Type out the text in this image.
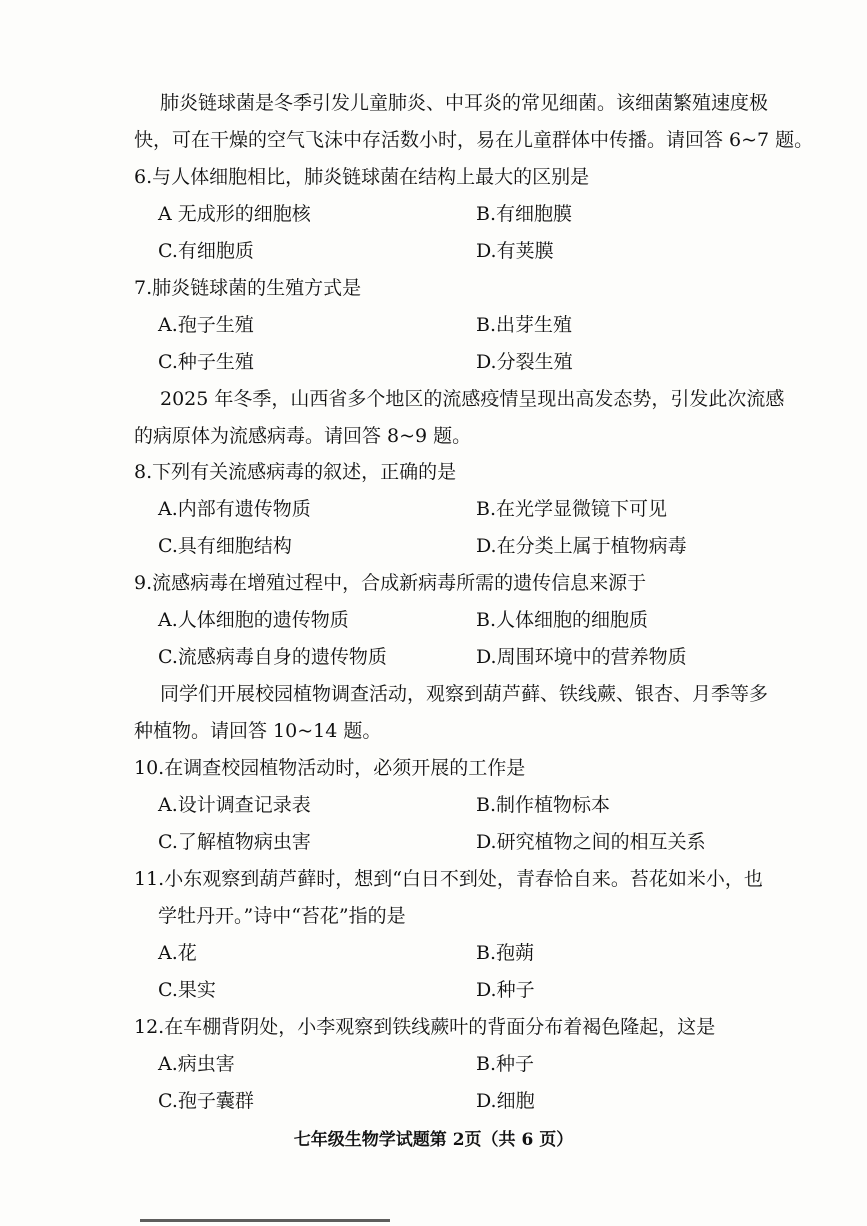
肺炎链球菌是冬季引发儿童肺炎、中耳炎的常见细菌。该细菌繁殖速度极
快，可在干燥的空气飞沫中存活数小时，易在儿童群体中传播。请回答 6~7 题。
6.与人体细胞相比，肺炎链球菌在结构上最大的区别是
A 无成形的细胞核	B.有细胞膜
C.有细胞质	D.有荚膜
7.肺炎链球菌的生殖方式是
A.孢子生殖	B.出芽生殖
C.种子生殖	D.分裂生殖
2025 年冬季，山西省多个地区的流感疫情呈现出高发态势，引发此次流感
的病原体为流感病毒。请回答 8~9 题。
8.下列有关流感病毒的叙述，正确的是
A.内部有遗传物质	B.在光学显微镜下可见
C.具有细胞结构	D.在分类上属于植物病毒
9.流感病毒在增殖过程中，合成新病毒所需的遗传信息来源于
A.人体细胞的遗传物质	B.人体细胞的细胞质
C.流感病毒自身的遗传物质	D.周围环境中的营养物质
同学们开展校园植物调查活动，观察到葫芦藓、铁线蕨、银杏、月季等多
种植物。请回答 10~14 题。
10.在调查校园植物活动时，必须开展的工作是
A.设计调查记录表	B.制作植物标本
C.了解植物病虫害	D.研究植物之间的相互关系
11.小东观察到葫芦藓时，想到“白日不到处，青春恰自来。苔花如米小，也
学牡丹开。”诗中“苔花”指的是
A.花	B.孢蒴
C.果实	D.种子
12.在车棚背阴处，小李观察到铁线蕨叶的背面分布着褐色隆起，这是
A.病虫害	B.种子
C.孢子囊群	D.细胞
七年级生物学试题第 2页（共 6 页）
